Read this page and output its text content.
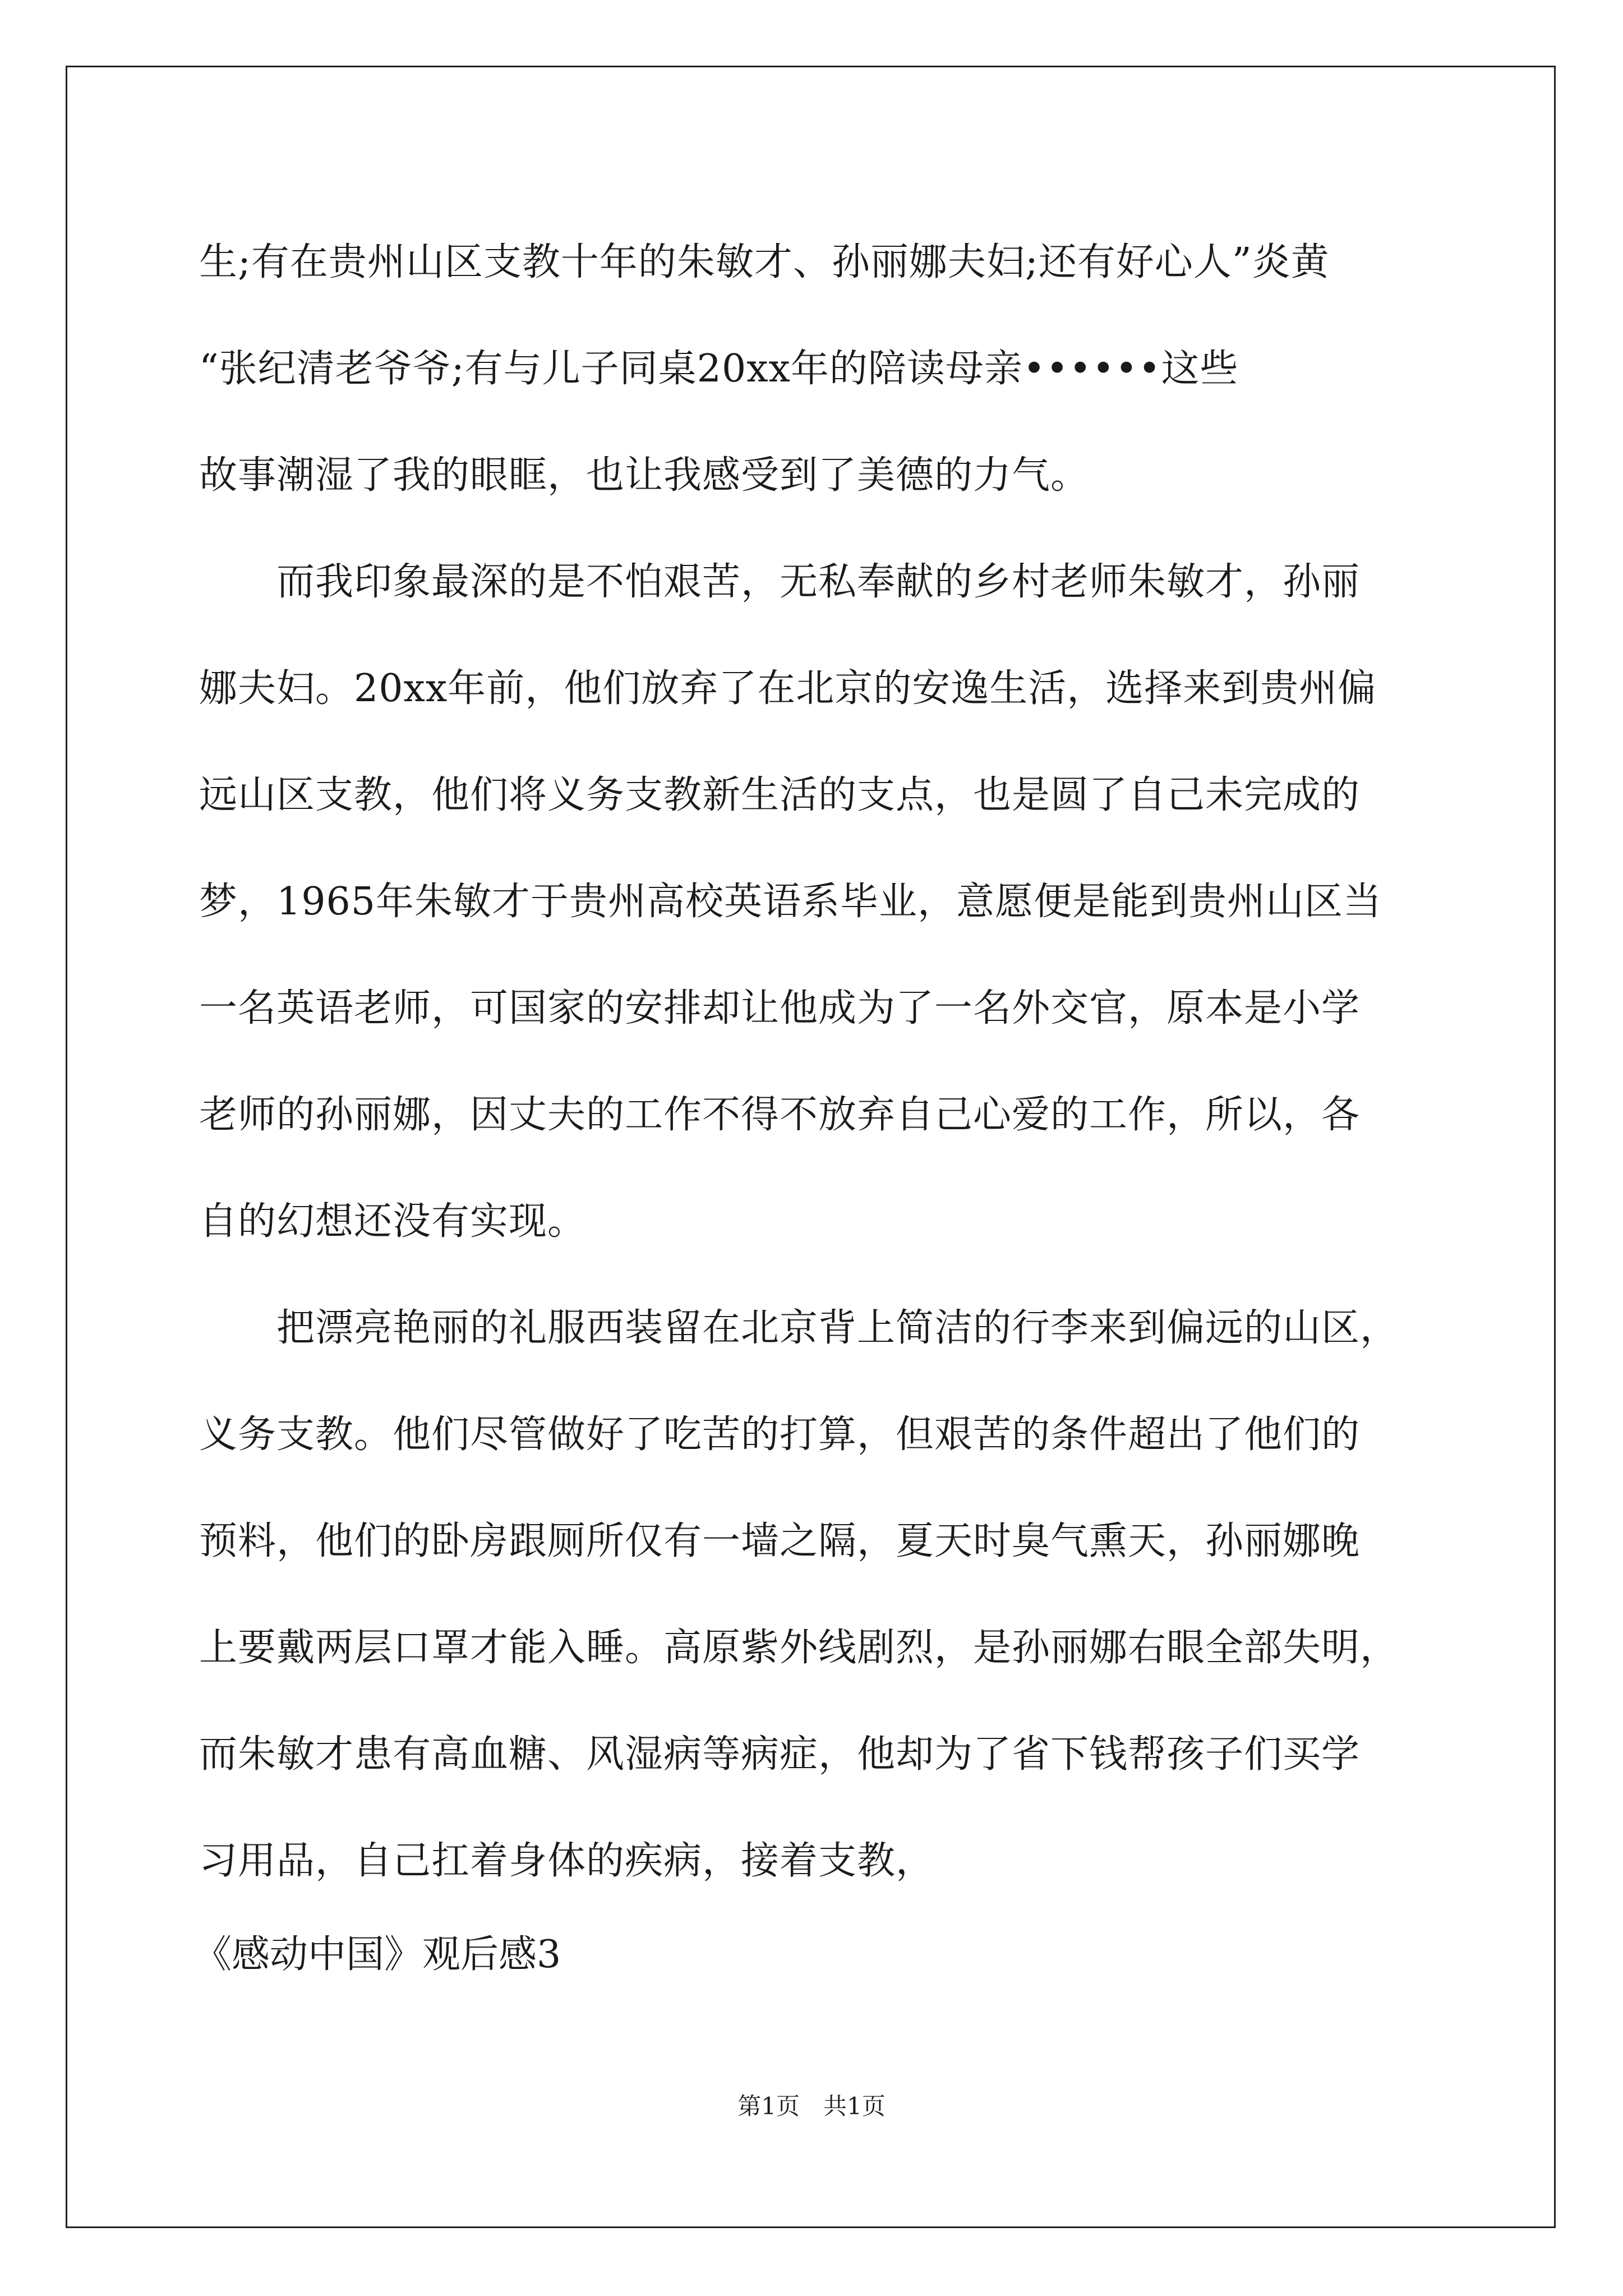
生;有在贵州山区支教十年的朱敏才、孙丽娜夫妇;还有好心人”炎黄
“张纪清老爷爷;有与儿子同桌20xx年的陪读母亲••••••这些
故事潮湿了我的眼眶，也让我感受到了美德的力气。
而我印象最深的是不怕艰苦，无私奉献的乡村老师朱敏才，孙丽
娜夫妇。20xx年前，他们放弃了在北京的安逸生活，选择来到贵州偏
远山区支教，他们将义务支教新生活的支点，也是圆了自己未完成的
梦，1965年朱敏才于贵州高校英语系毕业，意愿便是能到贵州山区当
一名英语老师，可国家的安排却让他成为了一名外交官，原本是小学
老师的孙丽娜，因丈夫的工作不得不放弃自己心爱的工作，所以，各
自的幻想还没有实现。
把漂亮艳丽的礼服西装留在北京背上简洁的行李来到偏远的山区，
义务支教。他们尽管做好了吃苦的打算，但艰苦的条件超出了他们的
预料，他们的卧房跟厕所仅有一墙之隔，夏天时臭气熏天，孙丽娜晚
上要戴两层口罩才能入睡。高原紫外线剧烈，是孙丽娜右眼全部失明，
而朱敏才患有高血糖、风湿病等病症，他却为了省下钱帮孩子们买学
习用品，自己扛着身体的疾病，接着支教，
《感动中国》观后感3
第1页　共1页
